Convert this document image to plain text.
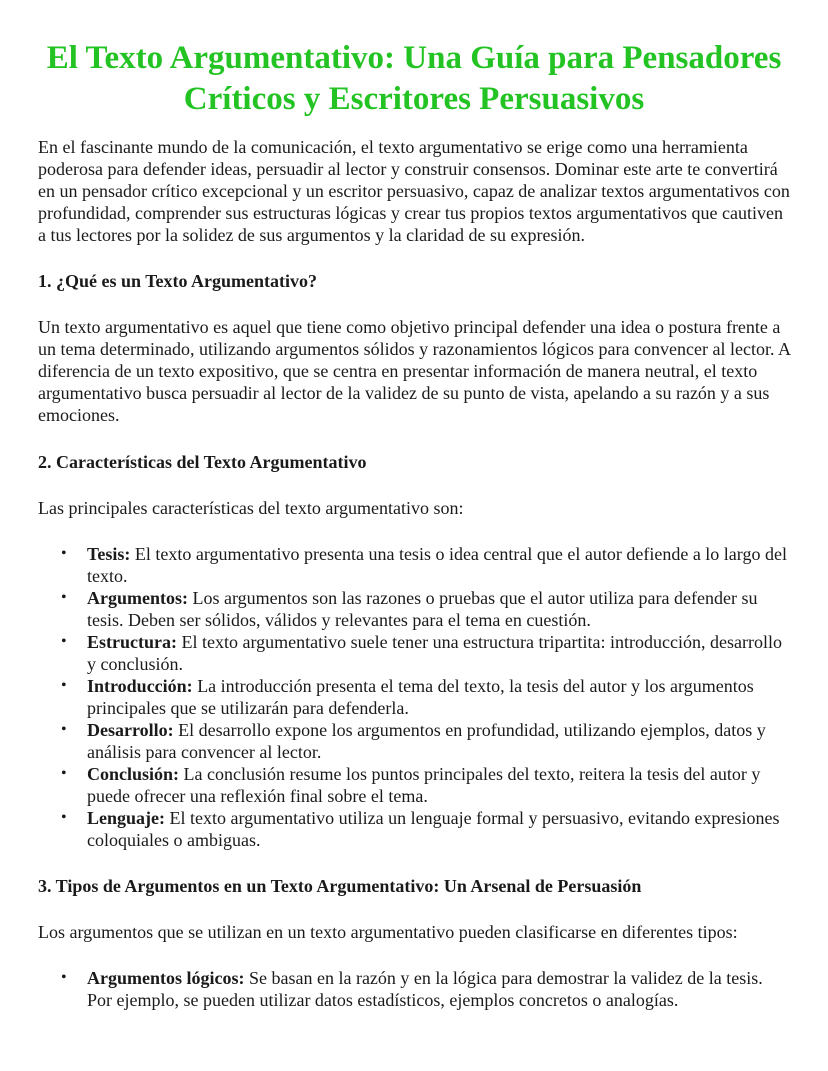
El Texto Argumentativo: Una Guía para Pensadores Críticos y Escritores Persuasivos

En el fascinante mundo de la comunicación, el texto argumentativo se erige como una herramienta poderosa para defender ideas, persuadir al lector y construir consensos. Dominar este arte te convertirá en un pensador crítico excepcional y un escritor persuasivo, capaz de analizar textos argumentativos con profundidad, comprender sus estructuras lógicas y crear tus propios textos argumentativos que cautiven a tus lectores por la solidez de sus argumentos y la claridad de su expresión.

1. ¿Qué es un Texto Argumentativo?

Un texto argumentativo es aquel que tiene como objetivo principal defender una idea o postura frente a un tema determinado, utilizando argumentos sólidos y razonamientos lógicos para convencer al lector. A diferencia de un texto expositivo, que se centra en presentar información de manera neutral, el texto argumentativo busca persuadir al lector de la validez de su punto de vista, apelando a su razón y a sus emociones.

2. Características del Texto Argumentativo

Las principales características del texto argumentativo son:

• Tesis: El texto argumentativo presenta una tesis o idea central que el autor defiende a lo largo del texto.
• Argumentos: Los argumentos son las razones o pruebas que el autor utiliza para defender su tesis. Deben ser sólidos, válidos y relevantes para el tema en cuestión.
• Estructura: El texto argumentativo suele tener una estructura tripartita: introducción, desarrollo y conclusión.
• Introducción: La introducción presenta el tema del texto, la tesis del autor y los argumentos principales que se utilizarán para defenderla.
• Desarrollo: El desarrollo expone los argumentos en profundidad, utilizando ejemplos, datos y análisis para convencer al lector.
• Conclusión: La conclusión resume los puntos principales del texto, reitera la tesis del autor y puede ofrecer una reflexión final sobre el tema.
• Lenguaje: El texto argumentativo utiliza un lenguaje formal y persuasivo, evitando expresiones coloquiales o ambiguas.
3. Tipos de Argumentos en un Texto Argumentativo: Un Arsenal de Persuasión

Los argumentos que se utilizan en un texto argumentativo pueden clasificarse en diferentes tipos:

• Argumentos lógicos: Se basan en la razón y en la lógica para demostrar la validez de la tesis. Por ejemplo, se pueden utilizar datos estadísticos, ejemplos concretos o analogías.
